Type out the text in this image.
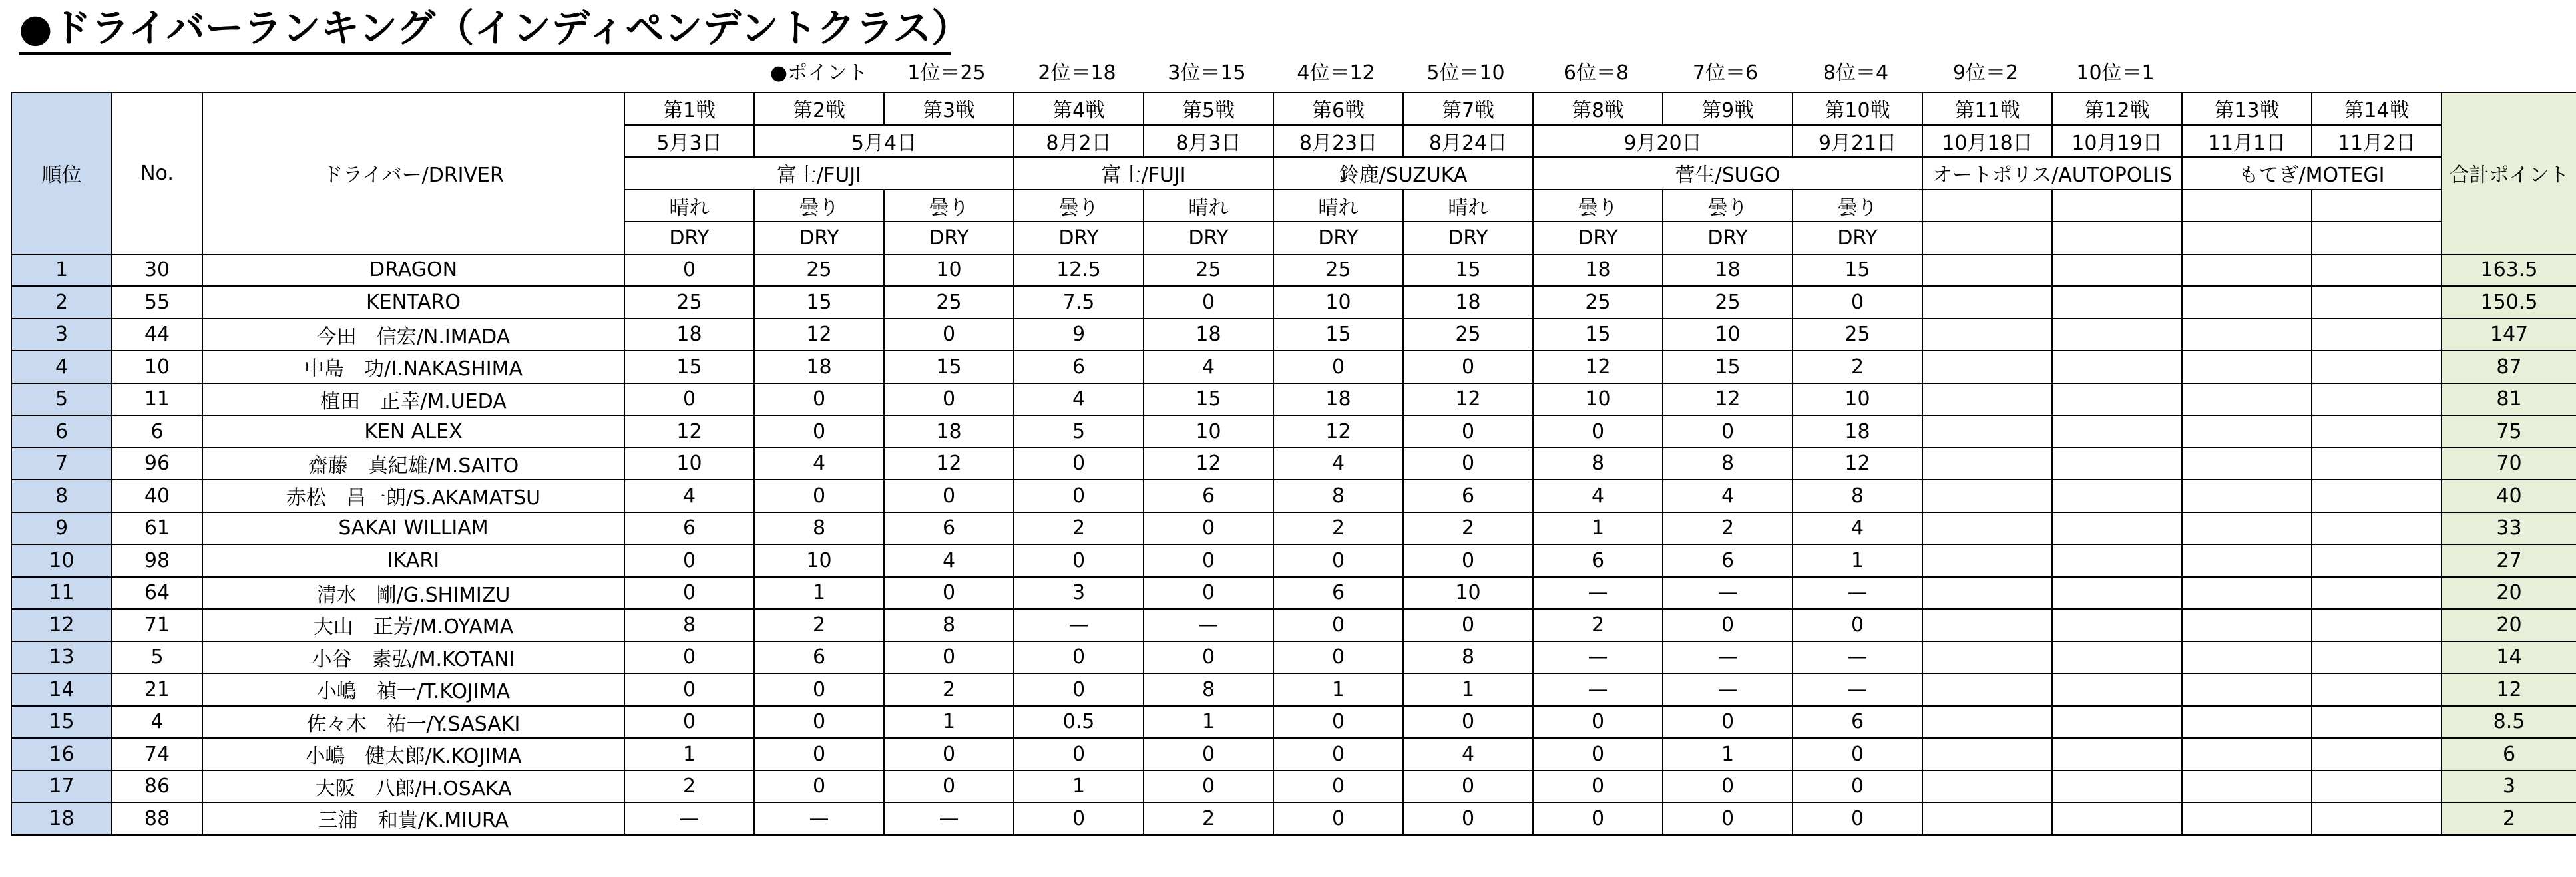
●ドライバーランキング（インディペンデントクラス）
●ポイント	1位＝25	2位＝18	3位＝15	4位＝12	5位＝10	6位＝8	7位＝6	8位＝4	9位＝2	10位＝1
順位	No.	ドライバー/DRIVER	第1戦	第2戦	第3戦	第4戦	第5戦	第6戦	第7戦	第8戦	第9戦	第10戦	第11戦	第12戦	第13戦	第14戦	合計ポイント
			5月3日	5月4日		8月2日	8月3日	8月23日	8月24日	9月20日		9月21日	10月18日	10月19日	11月1日	11月2日	
			富士/FUJI			富士/FUJI		鈴鹿/SUZUKA		菅生/SUGO			オートポリス/AUTOPOLIS		もてぎ/MOTEGI		
			晴れ	曇り	曇り	曇り	晴れ	晴れ	晴れ	曇り	曇り	曇り					
			DRY	DRY	DRY	DRY	DRY	DRY	DRY	DRY	DRY	DRY					
1	30	DRAGON	0	25	10	12.5	25	25	15	18	18	15					163.5
2	55	KENTARO	25	15	25	7.5	0	10	18	25	25	0					150.5
3	44	今田　信宏/N.IMADA	18	12	0	9	18	15	25	15	10	25					147
4	10	中島　功/I.NAKASHIMA	15	18	15	6	4	0	0	12	15	2					87
5	11	植田　正幸/M.UEDA	0	0	0	4	15	18	12	10	12	10					81
6	6	KEN ALEX	12	0	18	5	10	12	0	0	0	18					75
7	96	齋藤　真紀雄/M.SAITO	10	4	12	0	12	4	0	8	8	12					70
8	40	赤松　昌一朗/S.AKAMATSU	4	0	0	0	6	8	6	4	4	8					40
9	61	SAKAI WILLIAM	6	8	6	2	0	2	2	1	2	4					33
10	98	IKARI	0	10	4	0	0	0	0	6	6	1					27
11	64	清水　剛/G.SHIMIZU	0	1	0	3	0	6	10	—	—	—					20
12	71	大山　正芳/M.OYAMA	8	2	8	—	—	0	0	2	0	0					20
13	5	小谷　素弘/M.KOTANI	0	6	0	0	0	0	8	—	—	—					14
14	21	小嶋　禎一/T.KOJIMA	0	0	2	0	8	1	1	—	—	—					12
15	4	佐々木　祐一/Y.SASAKI	0	0	1	0.5	1	0	0	0	0	6					8.5
16	74	小嶋　健太郎/K.KOJIMA	1	0	0	0	0	0	4	0	1	0					6
17	86	大阪　八郎/H.OSAKA	2	0	0	1	0	0	0	0	0	0					3
18	88	三浦　和貴/K.MIURA	—	—	—	0	2	0	0	0	0	0					2
